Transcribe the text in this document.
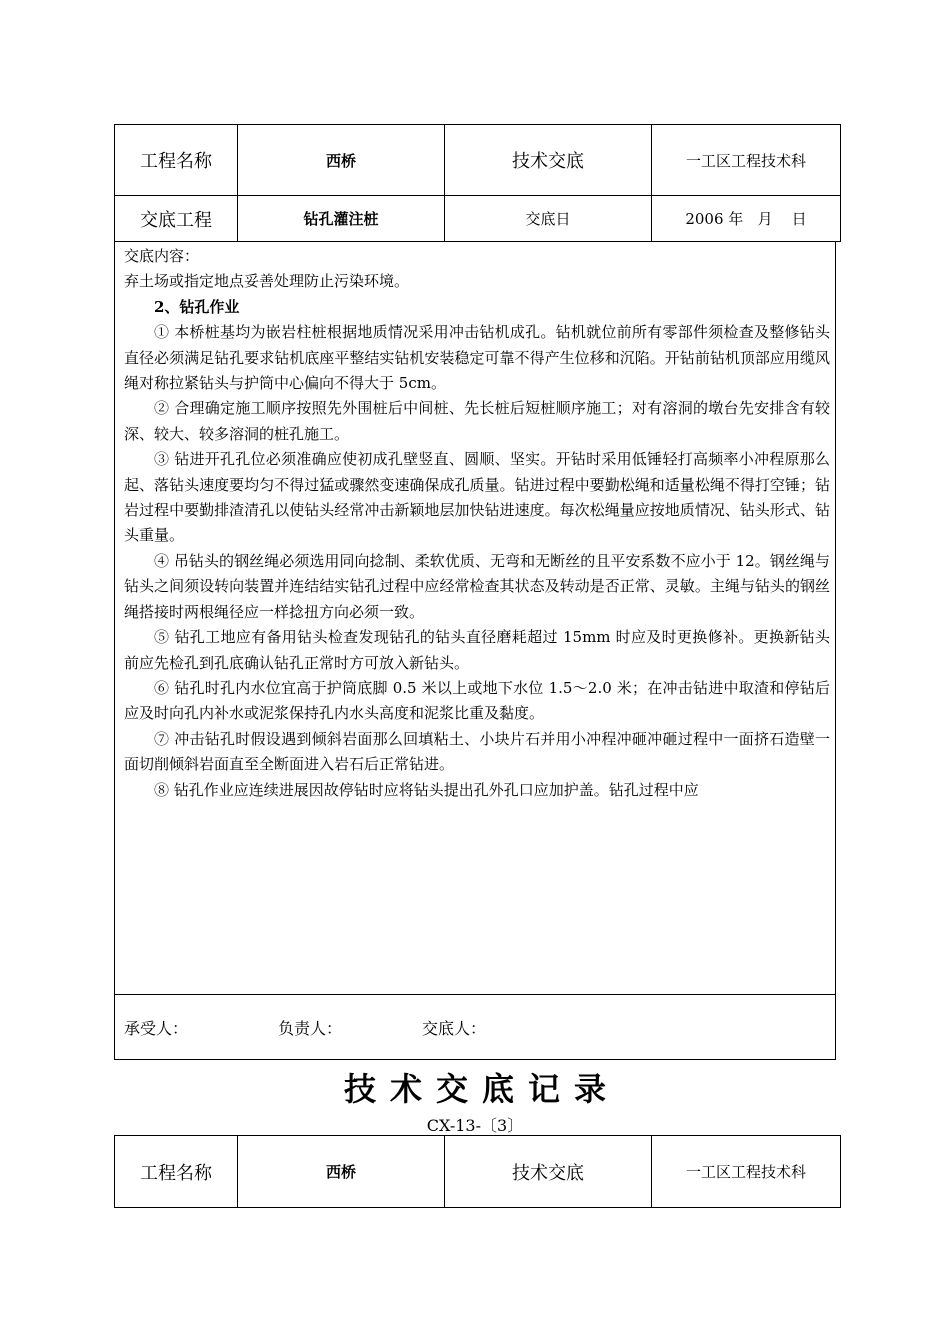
工程名称	西桥	技术交底	一工区工程技术科
交底工程	钻孔灌注桩	交底日	2006 年   月    日

交底内容：

弃土场或指定地点妥善处理防止污染环境。

2、钻孔作业

① 本桥桩基均为嵌岩柱桩根据地质情况采用冲击钻机成孔。钻机就位前所有零部件须检查及整修钻头直径必须满足钻孔要求钻机底座平整结实钻机安装稳定可靠不得产生位移和沉陷。开钻前钻机顶部应用缆风绳对称拉紧钻头与护筒中心偏向不得大于 5cm。

② 合理确定施工顺序按照先外围桩后中间桩、先长桩后短桩顺序施工；对有溶洞的墩台先安排含有较深、较大、较多溶洞的桩孔施工。

③ 钻进开孔孔位必须准确应使初成孔壁竖直、圆顺、坚实。开钻时采用低锤轻打高频率小冲程原那么起、落钻头速度要均匀不得过猛或骤然变速确保成孔质量。钻进过程中要勤松绳和适量松绳不得打空锤；钻岩过程中要勤排渣清孔以使钻头经常冲击新颖地层加快钻进速度。每次松绳量应按地质情况、钻头形式、钻头重量。

④ 吊钻头的钢丝绳必须选用同向捻制、柔软优质、无弯和无断丝的且平安系数不应小于 12。钢丝绳与钻头之间须设转向装置并连结结实钻孔过程中应经常检查其状态及转动是否正常、灵敏。主绳与钻头的钢丝绳搭接时两根绳径应一样捻扭方向必须一致。

⑤ 钻孔工地应有备用钻头检查发现钻孔的钻头直径磨耗超过 15mm 时应及时更换修补。更换新钻头前应先检孔到孔底确认钻孔正常时方可放入新钻头。

⑥ 钻孔时孔内水位宜高于护筒底脚 0.5 米以上或地下水位 1.5～2.0 米；在冲击钻进中取渣和停钻后应及时向孔内补水或泥浆保持孔内水头高度和泥浆比重及黏度。

⑦ 冲击钻孔时假设遇到倾斜岩面那么回填粘土、小块片石并用小冲程冲砸冲砸过程中一面挤石造壁一面切削倾斜岩面直至全断面进入岩石后正常钻进。

⑧ 钻孔作业应连续进展因故停钻时应将钻头提出孔外孔口应加护盖。钻孔过程中应

承受人：	负责人：	交底人：
技术交底记录
CX-13-〔3〕
工程名称	西桥	技术交底	一工区工程技术科
